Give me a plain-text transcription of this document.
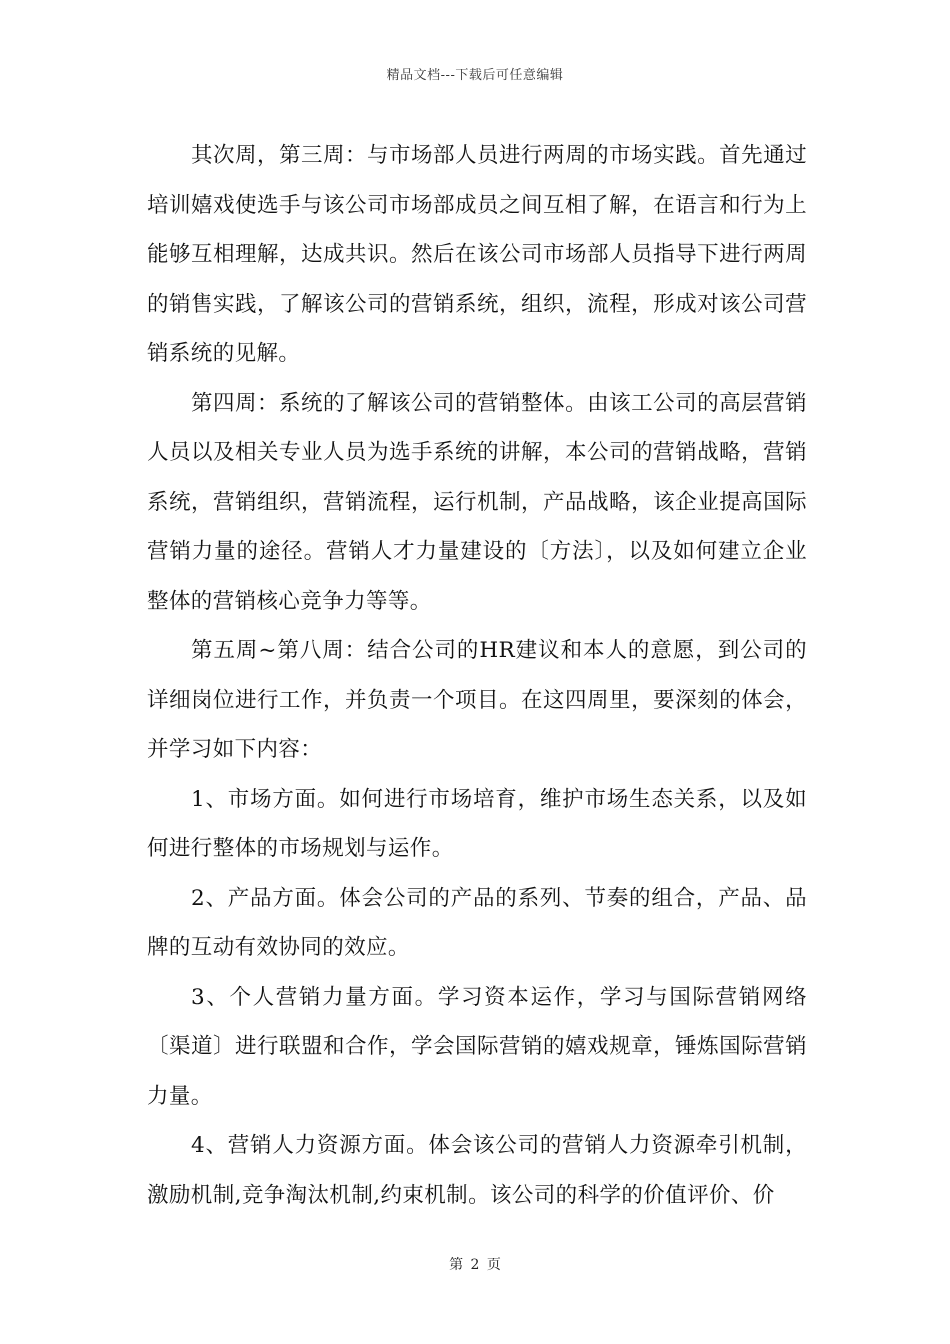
精品文档---下载后可任意编辑

其次周，第三周：与市场部人员进行两周的市场实践。首先通过培训嬉戏使选手与该公司市场部成员之间互相了解，在语言和行为上能够互相理解，达成共识。然后在该公司市场部人员指导下进行两周的销售实践，了解该公司的营销系统，组织，流程，形成对该公司营销系统的见解。

第四周：系统的了解该公司的营销整体。由该工公司的高层营销人员以及相关专业人员为选手系统的讲解，本公司的营销战略，营销系统，营销组织，营销流程，运行机制，产品战略，该企业提高国际营销力量的途径。营销人才力量建设的〔方法〕，以及如何建立企业整体的营销核心竞争力等等。

第五周~第八周：结合公司的HR建议和本人的意愿，到公司的详细岗位进行工作，并负责一个项目。在这四周里，要深刻的体会，并学习如下内容：

1、市场方面。如何进行市场培育，维护市场生态关系，以及如何进行整体的市场规划与运作。

2、产品方面。体会公司的产品的系列、节奏的组合，产品、品牌的互动有效协同的效应。

3、个人营销力量方面。学习资本运作，学习与国际营销网络〔渠道〕进行联盟和合作，学会国际营销的嬉戏规章，锤炼国际营销力量。

4、营销人力资源方面。体会该公司的营销人力资源牵引机制，激励机制,竞争淘汰机制,约束机制。该公司的科学的价值评价、价

第 2 页
